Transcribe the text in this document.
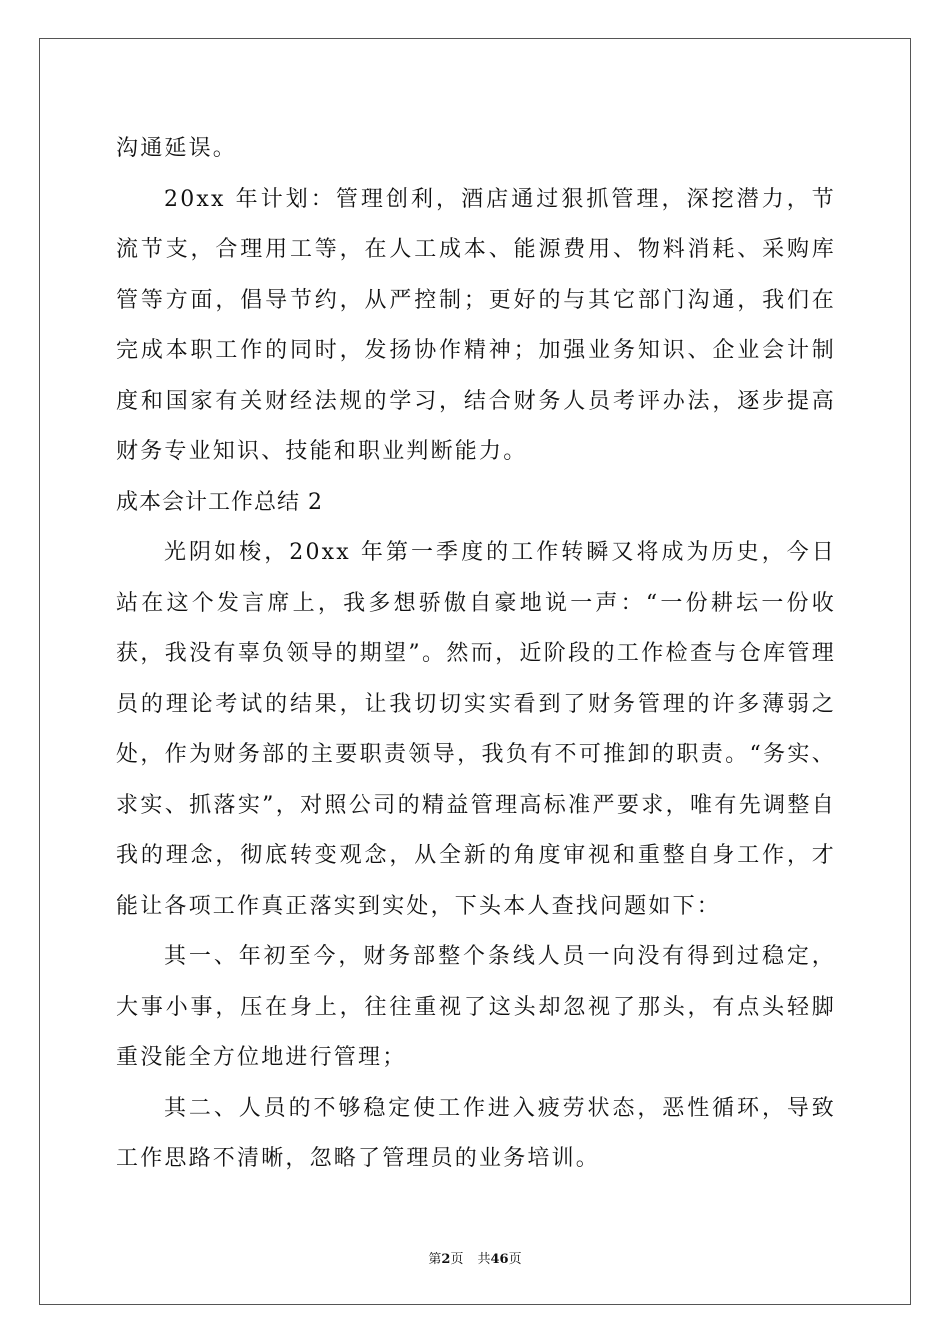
沟通延误。

20xx 年计划：管理创利，酒店通过狠抓管理，深挖潜力，节流节支，合理用工等，在人工成本、能源费用、物料消耗、采购库管等方面，倡导节约，从严控制；更好的与其它部门沟通，我们在完成本职工作的同时，发扬协作精神；加强业务知识、企业会计制度和国家有关财经法规的学习，结合财务人员考评办法，逐步提高财务专业知识、技能和职业判断能力。

成本会计工作总结 2

光阴如梭，20xx 年第一季度的工作转瞬又将成为历史，今日站在这个发言席上，我多想骄傲自豪地说一声：“一份耕坛一份收获，我没有辜负领导的期望”。然而，近阶段的工作检查与仓库管理员的理论考试的结果，让我切切实实看到了财务管理的许多薄弱之处，作为财务部的主要职责领导，我负有不可推卸的职责。“务实、求实、抓落实”，对照公司的精益管理高标准严要求，唯有先调整自我的理念，彻底转变观念，从全新的角度审视和重整自身工作，才能让各项工作真正落实到实处，下头本人查找问题如下：

其一、年初至今，财务部整个条线人员一向没有得到过稳定，大事小事，压在身上，往往重视了这头却忽视了那头，有点头轻脚重没能全方位地进行管理；

其二、人员的不够稳定使工作进入疲劳状态，恶性循环，导致工作思路不清晰，忽略了管理员的业务培训。

第2页 共46页
